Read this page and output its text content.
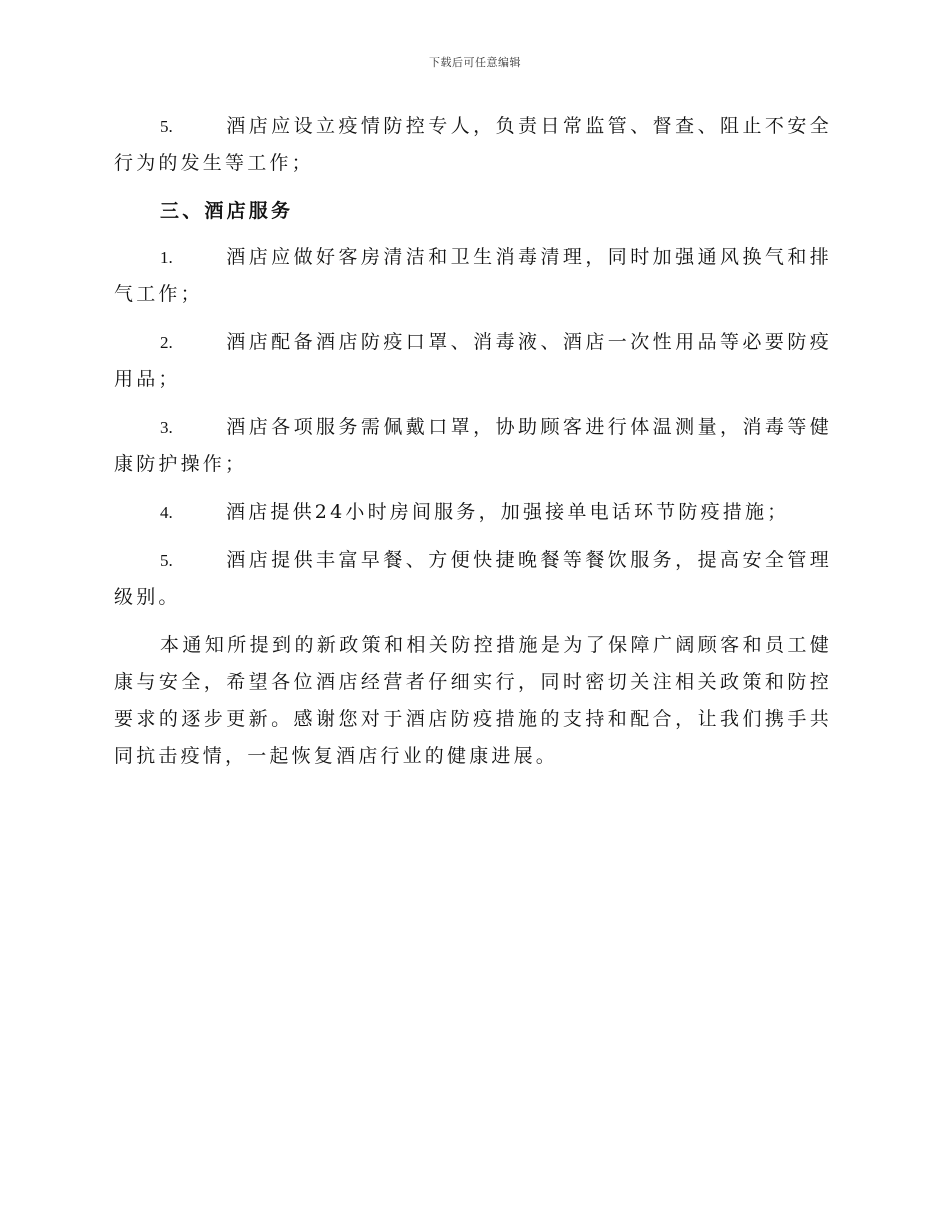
下载后可任意编辑

5.	酒店应设立疫情防控专人，负责日常监管、督查、阻止不安全行为的发生等工作；

三、酒店服务

1.	酒店应做好客房清洁和卫生消毒清理，同时加强通风换气和排气工作；

2.	酒店配备酒店防疫口罩、消毒液、酒店一次性用品等必要防疫用品；

3.	酒店各项服务需佩戴口罩，协助顾客进行体温测量，消毒等健康防护操作；

4.	酒店提供24小时房间服务，加强接单电话环节防疫措施；

5.	酒店提供丰富早餐、方便快捷晚餐等餐饮服务，提高安全管理级别。

本通知所提到的新政策和相关防控措施是为了保障广阔顾客和员工健康与安全，希望各位酒店经营者仔细实行，同时密切关注相关政策和防控要求的逐步更新。感谢您对于酒店防疫措施的支持和配合，让我们携手共同抗击疫情，一起恢复酒店行业的健康进展。
